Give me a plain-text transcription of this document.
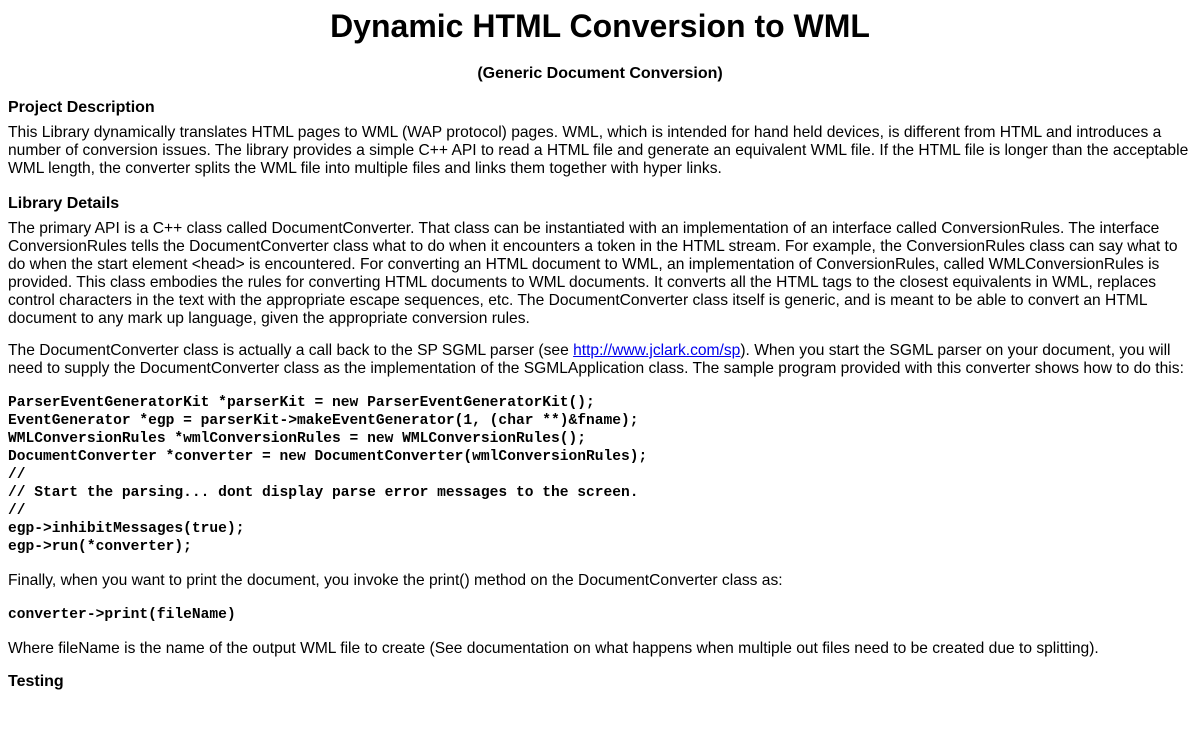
Dynamic HTML Conversion to WML
(Generic Document Conversion)
Project Description

This Library dynamically translates HTML pages to WML (WAP protocol) pages. WML, which is intended for hand held devices, is different from HTML and introduces a number of conversion issues. The library provides a simple C++ API to read a HTML file and generate an equivalent WML file. If the HTML file is longer than the acceptable WML length, the converter splits the WML file into multiple files and links them together with hyper links.

Library Details

The primary API is a C++ class called DocumentConverter. That class can be instantiated with an implementation of an interface called ConversionRules. The interface ConversionRules tells the DocumentConverter class what to do when it encounters a token in the HTML stream. For example, the ConversionRules class can say what to do when the start element <head> is encountered. For converting an HTML document to WML, an implementation of ConversionRules, called WMLConversionRules is provided. This class embodies the rules for converting HTML documents to WML documents. It converts all the HTML tags to the closest equivalents in WML, replaces control characters in the text with the appropriate escape sequences, etc. The DocumentConverter class itself is generic, and is meant to be able to convert an HTML document to any mark up language, given the appropriate conversion rules.

The DocumentConverter class is actually a call back to the SP SGML parser (see http://www.jclark.com/sp). When you start the SGML parser on your document, you will need to supply the DocumentConverter class as the implementation of the SGMLApplication class. The sample program provided with this converter shows how to do this:

ParserEventGeneratorKit *parserKit = new ParserEventGeneratorKit();
EventGenerator *egp = parserKit->makeEventGenerator(1, (char **)&fname);
WMLConversionRules *wmlConversionRules = new WMLConversionRules();
DocumentConverter *converter = new DocumentConverter(wmlConversionRules);
//
// Start the parsing... dont display parse error messages to the screen.
//
egp->inhibitMessages(true);
egp->run(*converter);

Finally, when you want to print the document, you invoke the print() method on the DocumentConverter class as:

converter->print(fileName)

Where fileName is the name of the output WML file to create (See documentation on what happens when multiple out files need to be created due to splitting).

Testing
